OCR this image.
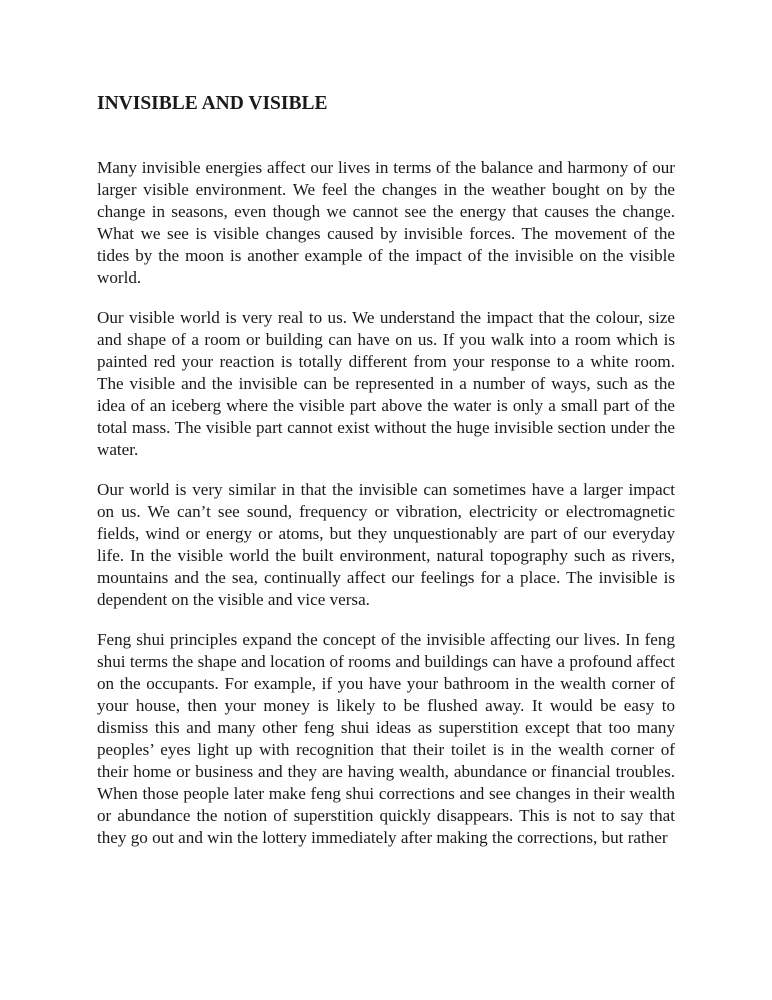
INVISIBLE AND VISIBLE

Many invisible energies affect our lives in terms of the balance and harmony of our larger visible environment. We feel the changes in the weather bought on by the change in seasons, even though we cannot see the energy that causes the change. What we see is visible changes caused by invisible forces. The movement of the tides by the moon is another example of the impact of the invisible on the visible world.

Our visible world is very real to us. We understand the impact that the colour, size and shape of a room or building can have on us. If you walk into a room which is painted red your reaction is totally different from your response to a white room. The visible and the invisible can be represented in a number of ways, such as the idea of an iceberg where the visible part above the water is only a small part of the total mass. The visible part cannot exist without the huge invisible section under the water.

Our world is very similar in that the invisible can sometimes have a larger impact on us. We can’t see sound, frequency or vibration, electricity or electromagnetic fields, wind or energy or atoms, but they unquestionably are part of our everyday life. In the visible world the built environment, natural topography such as rivers, mountains and the sea, continually affect our feelings for a place. The invisible is dependent on the visible and vice versa.

Feng shui principles expand the concept of the invisible affecting our lives. In feng shui terms the shape and location of rooms and buildings can have a profound affect on the occupants. For example, if you have your bathroom in the wealth corner of your house, then your money is likely to be flushed away. It would be easy to dismiss this and many other feng shui ideas as superstition except that too many peoples’ eyes light up with recognition that their toilet is in the wealth corner of their home or business and they are having wealth, abundance or financial troubles. When those people later make feng shui corrections and see changes in their wealth or abundance the notion of superstition quickly disappears. This is not to say that they go out and win the lottery immediately after making the corrections, but rather
